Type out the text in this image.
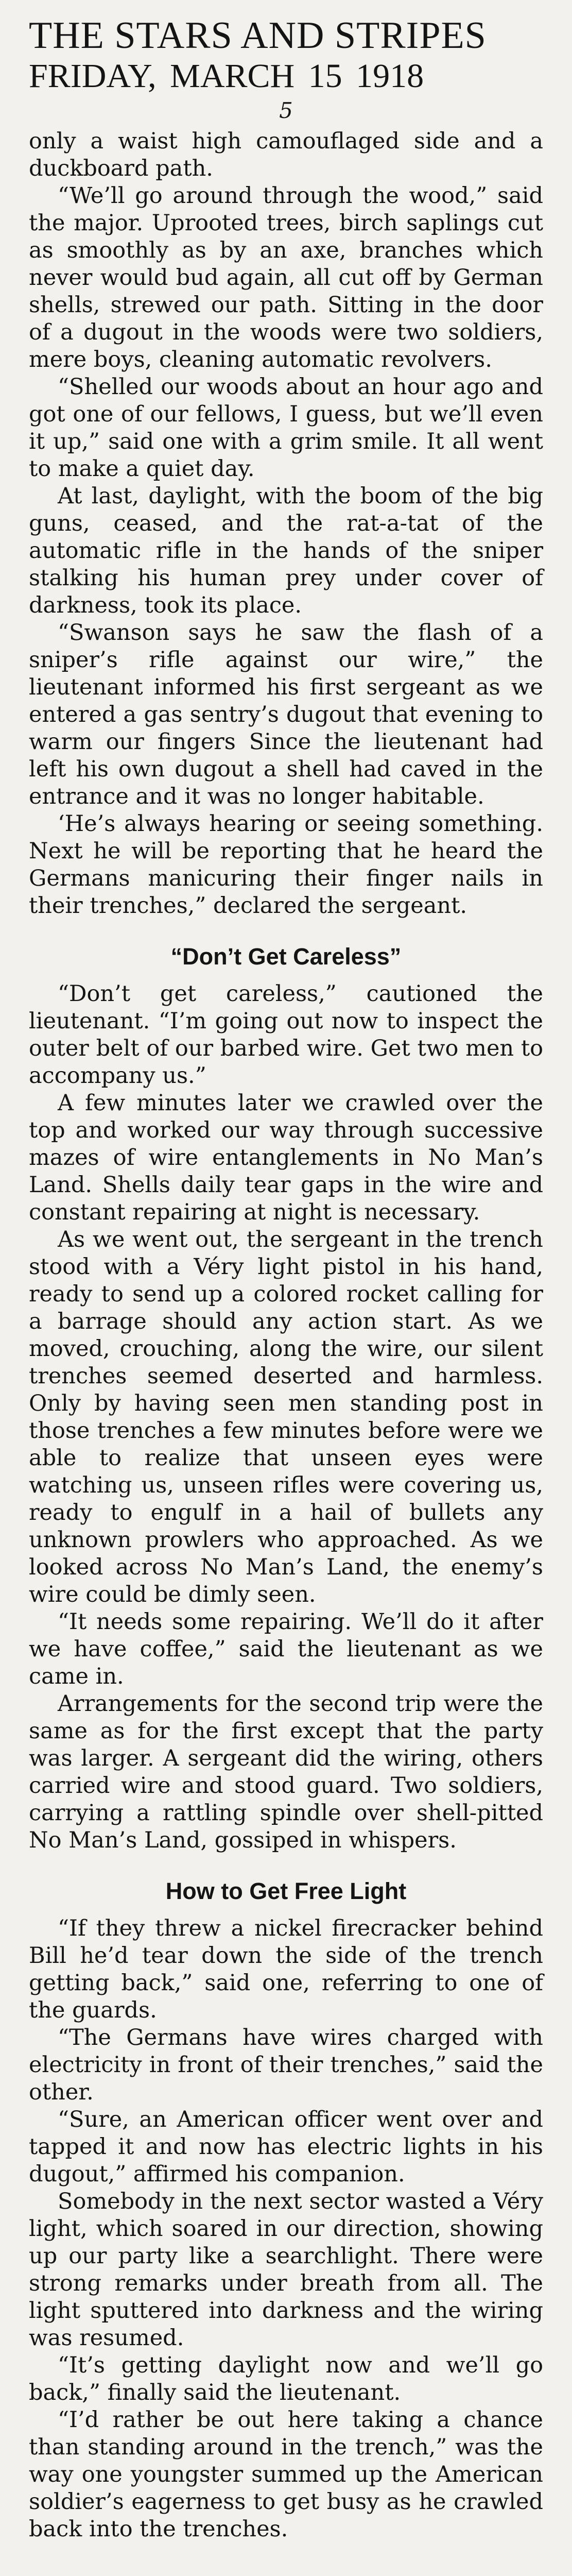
THE STARS AND STRIPES

FRIDAY, MARCH 15 1918

5

only a waist high camouflaged side and a duckboard path.

“We’ll go around through the wood,” said the major. Uprooted trees, birch saplings cut as smoothly as by an axe, branches which never would bud again, all cut off by German shells, strewed our path. Sitting in the door of a dugout in the woods were two soldiers, mere boys, cleaning automatic revolvers.

“Shelled our woods about an hour ago and got one of our fellows, I guess, but we’ll even it up,” said one with a grim smile. It all went to make a quiet day.

At last, daylight, with the boom of the big guns, ceased, and the rat-a-tat of the automatic rifle in the hands of the sniper stalking his human prey under cover of darkness, took its place.

“Swanson says he saw the flash of a sniper’s rifle against our wire,” the lieutenant informed his first sergeant as we entered a gas sentry’s dugout that evening to warm our fingers Since the lieutenant had left his own dugout a shell had caved in the entrance and it was no longer habitable.

‘He’s always hearing or seeing something. Next he will be reporting that he heard the Germans manicuring their finger nails in their trenches,” declared the sergeant.

“Don’t Get Careless”

“Don’t get careless,” cautioned the lieutenant. “I’m going out now to inspect the outer belt of our barbed wire. Get two men to accompany us.”

A few minutes later we crawled over the top and worked our way through successive mazes of wire entanglements in No Man’s Land. Shells daily tear gaps in the wire and constant repairing at night is necessary.

As we went out, the sergeant in the trench stood with a Véry light pistol in his hand, ready to send up a colored rocket calling for a barrage should any action start. As we moved, crouching, along the wire, our silent trenches seemed deserted and harmless. Only by having seen men standing post in those trenches a few minutes before were we able to realize that unseen eyes were watching us, unseen rifles were covering us, ready to engulf in a hail of bullets any unknown prowlers who approached. As we looked across No Man’s Land, the enemy’s wire could be dimly seen.

“It needs some repairing. We’ll do it after we have coffee,” said the lieutenant as we came in.

Arrangements for the second trip were the same as for the first except that the party was larger. A sergeant did the wiring, others carried wire and stood guard. Two soldiers, carrying a rattling spindle over shell-pitted No Man’s Land, gossiped in whispers.

How to Get Free Light

“If they threw a nickel firecracker behind Bill he’d tear down the side of the trench getting back,” said one, referring to one of the guards.

“The Germans have wires charged with electricity in front of their trenches,” said the other.

“Sure, an American officer went over and tapped it and now has electric lights in his dugout,” affirmed his companion.

Somebody in the next sector wasted a Véry light, which soared in our direction, showing up our party like a searchlight. There were strong remarks under breath from all. The light sputtered into darkness and the wiring was resumed.

“It’s getting daylight now and we’ll go back,” finally said the lieutenant.

“I’d rather be out here taking a chance than standing around in the trench,” was the way one youngster summed up the American soldier’s eagerness to get busy as he crawled back into the trenches.
